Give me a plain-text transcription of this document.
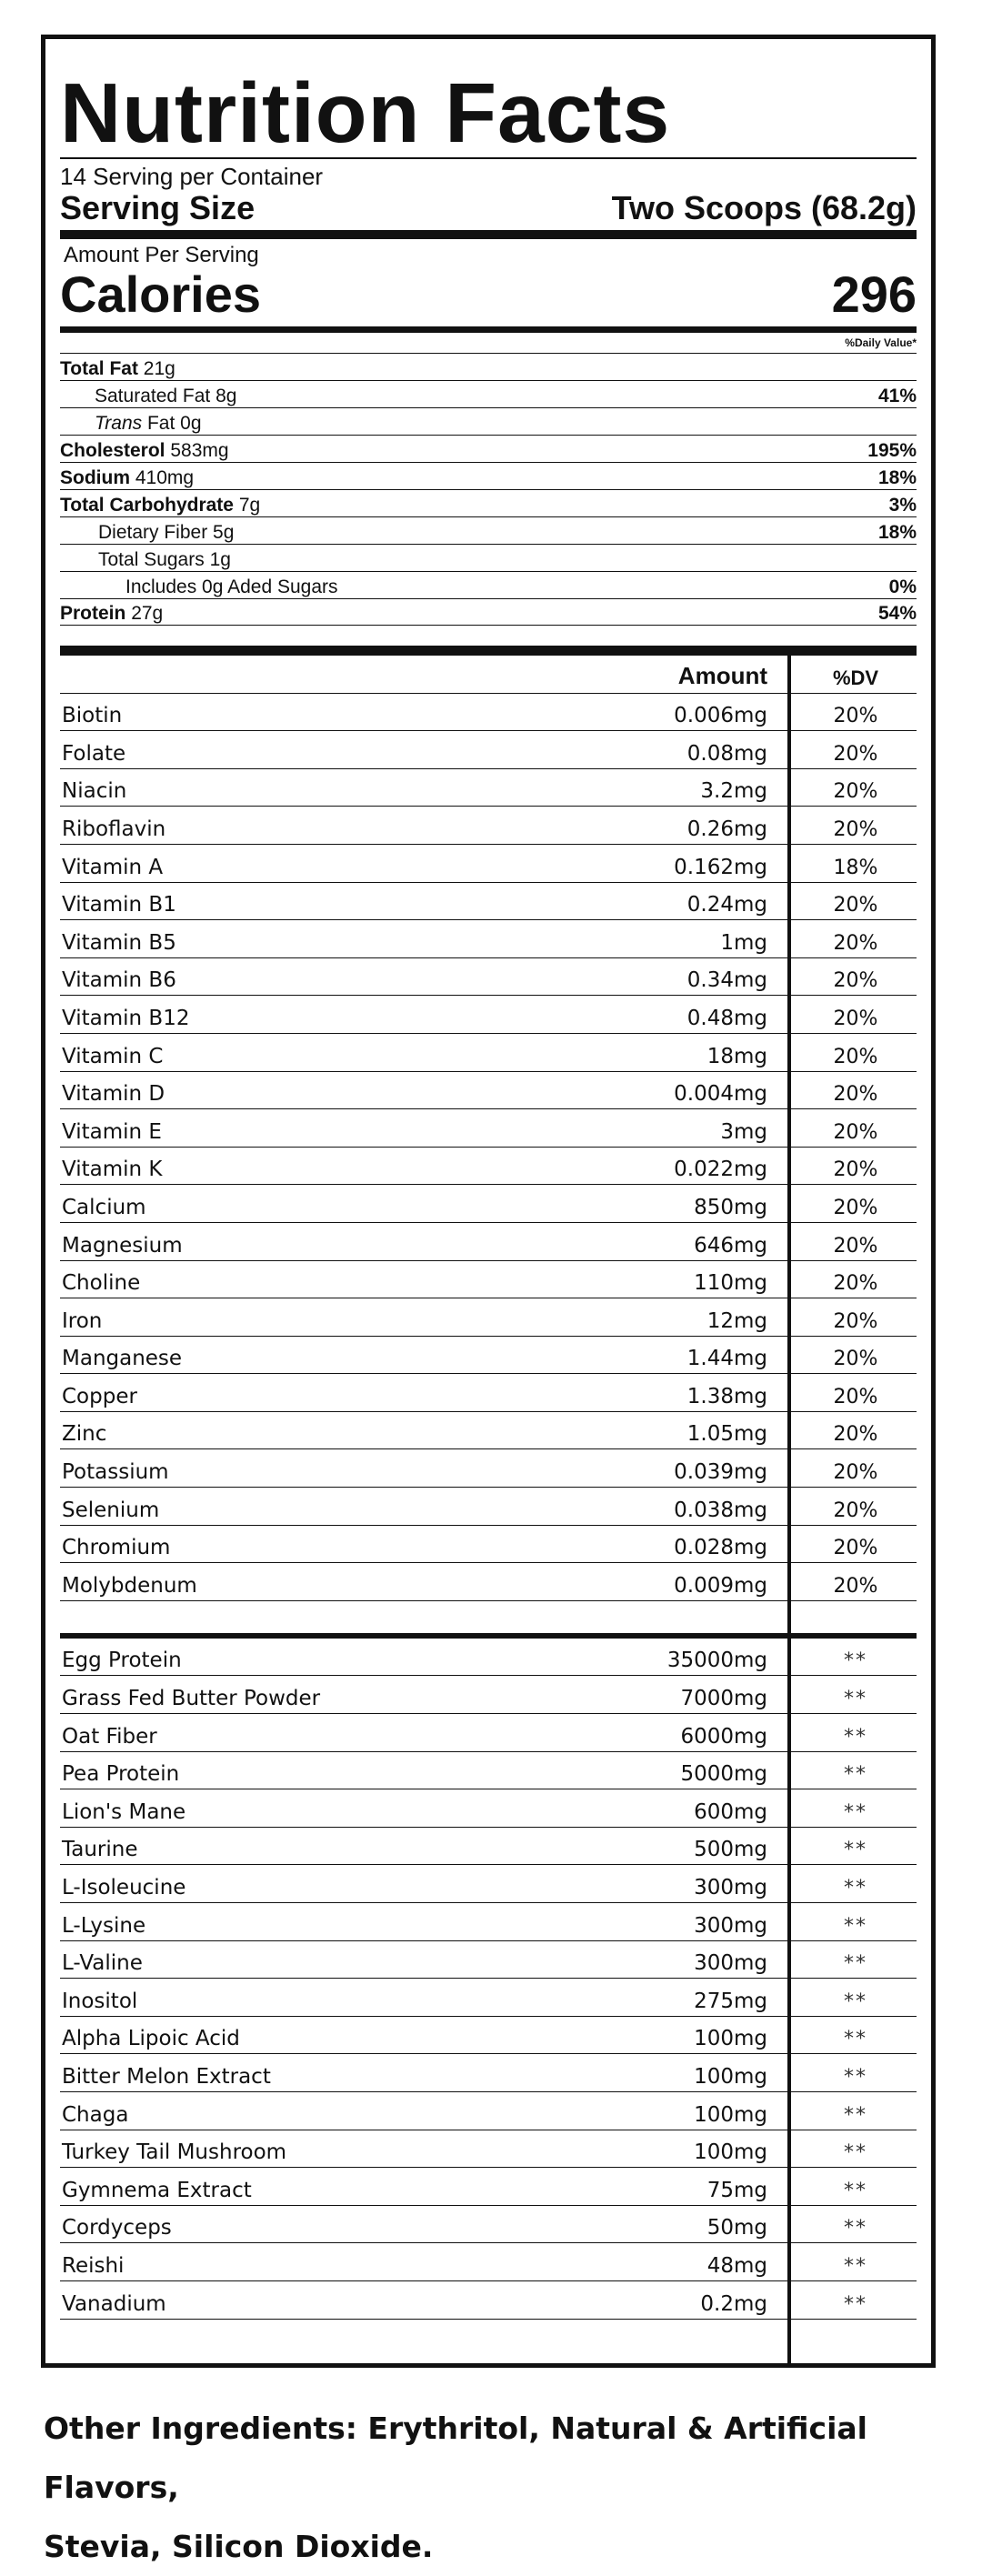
Nutrition Facts
14 Serving per Container
Serving Size	Two Scoops (68.2g)
Amount Per Serving
Calories	296
%Daily Value*
Total Fat 21g
Saturated Fat 8g	41%
Trans Fat 0g
Cholesterol 583mg	195%
Sodium 410mg	18%
Total Carbohydrate 7g	3%
Dietary Fiber 5g	18%
Total Sugars 1g
Includes 0g Aded Sugars	0%
Protein 27g	54%
Amount	%DV
Biotin	0.006mg	20%
Folate	0.08mg	20%
Niacin	3.2mg	20%
Riboflavin	0.26mg	20%
Vitamin A	0.162mg	18%
Vitamin B1	0.24mg	20%
Vitamin B5	1mg	20%
Vitamin B6	0.34mg	20%
Vitamin B12	0.48mg	20%
Vitamin C	18mg	20%
Vitamin D	0.004mg	20%
Vitamin E	3mg	20%
Vitamin K	0.022mg	20%
Calcium	850mg	20%
Magnesium	646mg	20%
Choline	110mg	20%
Iron	12mg	20%
Manganese	1.44mg	20%
Copper	1.38mg	20%
Zinc	1.05mg	20%
Potassium	0.039mg	20%
Selenium	0.038mg	20%
Chromium	0.028mg	20%
Molybdenum	0.009mg	20%
Egg Protein	35000mg	**
Grass Fed Butter Powder	7000mg	**
Oat Fiber	6000mg	**
Pea Protein	5000mg	**
Lion's Mane	600mg	**
Taurine	500mg	**
L-Isoleucine	300mg	**
L-Lysine	300mg	**
L-Valine	300mg	**
Inositol	275mg	**
Alpha Lipoic Acid	100mg	**
Bitter Melon Extract	100mg	**
Chaga	100mg	**
Turkey Tail Mushroom	100mg	**
Gymnema Extract	75mg	**
Cordyceps	50mg	**
Reishi	48mg	**
Vanadium	0.2mg	**
Other Ingredients: Erythritol, Natural & Artificial Flavors,
Stevia, Silicon Dioxide.
